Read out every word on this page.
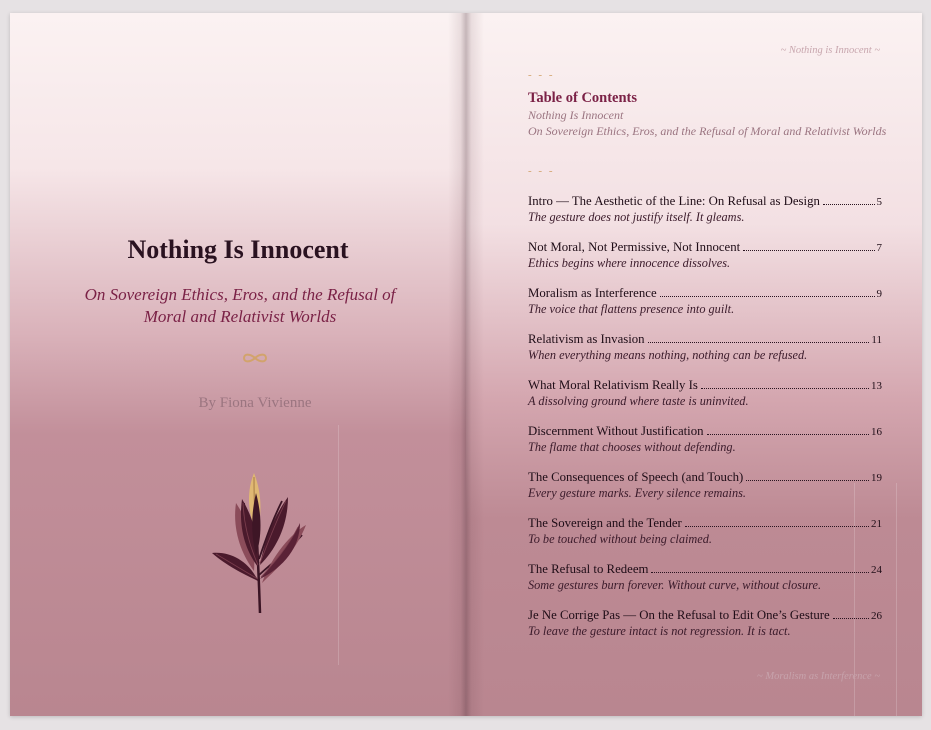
Nothing Is Innocent

On Sovereign Ethics, Eros, and the Refusal of Moral and Relativist Worlds

By Fiona Vivienne

~ Nothing is Innocent ~
- - -

Table of Contents

Nothing Is Innocent

On Sovereign Ethics, Eros, and the Refusal of Moral and Relativist Worlds

- - -
Intro — The Aesthetic of the Line: On Refusal as Design	5
The gesture does not justify itself. It gleams.
Not Moral, Not Permissive, Not Innocent	7
Ethics begins where innocence dissolves.
Moralism as Interference	9
The voice that flattens presence into guilt.
Relativism as Invasion	11
When everything means nothing, nothing can be refused.
What Moral Relativism Really Is	13
A dissolving ground where taste is uninvited.
Discernment Without Justification	16
The flame that chooses without defending.
The Consequences of Speech (and Touch)	19
Every gesture marks. Every silence remains.
The Sovereign and the Tender	21
To be touched without being claimed.
The Refusal to Redeem	24
Some gestures burn forever. Without curve, without closure.
Je Ne Corrige Pas — On the Refusal to Edit One’s Gesture	26
To leave the gesture intact is not regression. It is tact.
~ Moralism as Interference ~
